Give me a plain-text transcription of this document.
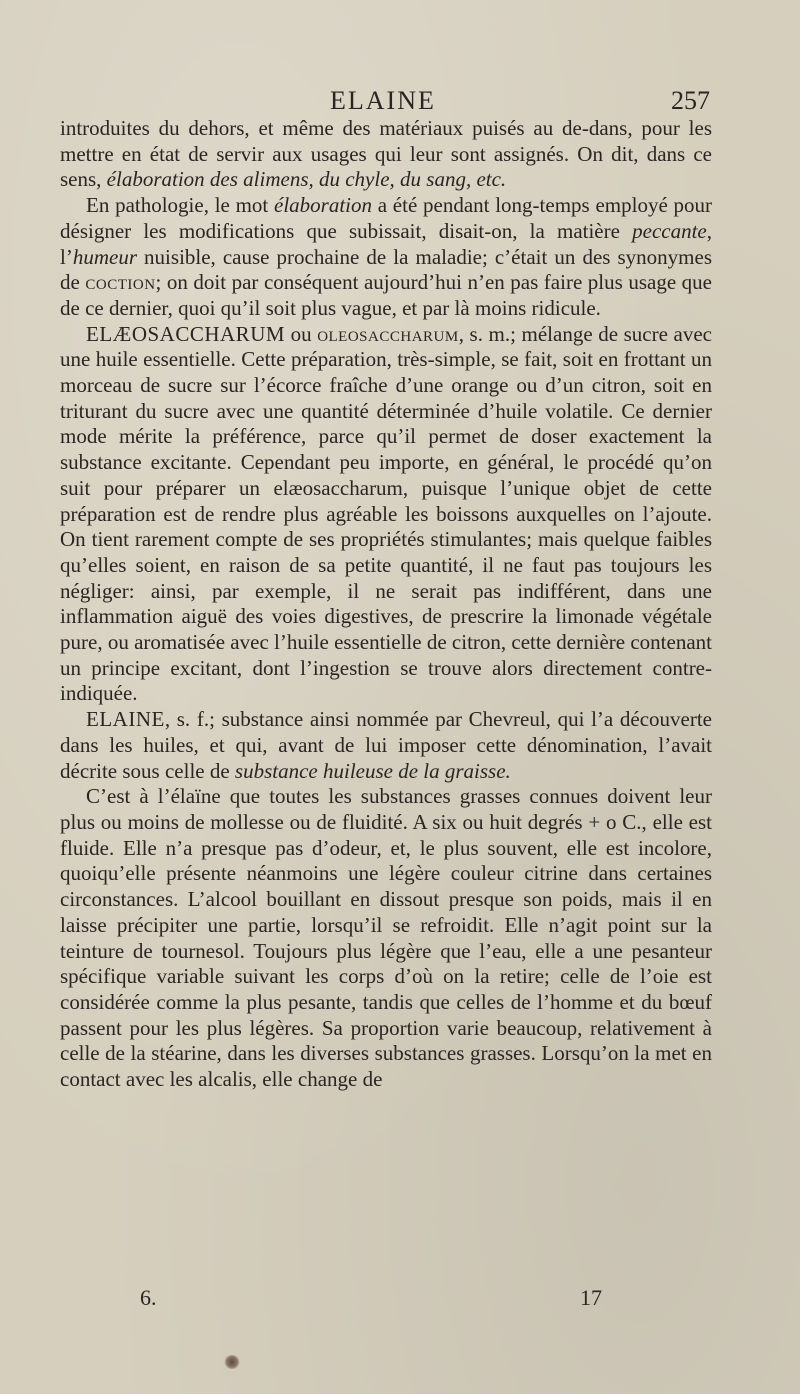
ELAINE	257

introduites du dehors, et même des matériaux puisés au de-dans, pour les mettre en état de servir aux usages qui leur sont assignés. On dit, dans ce sens, élaboration des alimens, du chyle, du sang, etc.

En pathologie, le mot élaboration a été pendant long-temps employé pour désigner les modifications que subissait, disait-on, la matière peccante, l’humeur nuisible, cause prochaine de la maladie; c’était un des synonymes de coction; on doit par conséquent aujourd’hui n’en pas faire plus usage que de ce dernier, quoi qu’il soit plus vague, et par là moins ridicule.

ELÆOSACCHARUM ou oleosaccharum, s. m.; mélange de sucre avec une huile essentielle. Cette préparation, très-simple, se fait, soit en frottant un morceau de sucre sur l’écorce fraîche d’une orange ou d’un citron, soit en triturant du sucre avec une quantité déterminée d’huile volatile. Ce dernier mode mérite la préférence, parce qu’il permet de doser exactement la substance excitante. Cependant peu importe, en général, le procédé qu’on suit pour préparer un elæosaccharum, puisque l’unique objet de cette préparation est de rendre plus agréable les boissons auxquelles on l’ajoute. On tient rarement compte de ses propriétés stimulantes; mais quelque faibles qu’elles soient, en raison de sa petite quantité, il ne faut pas toujours les négliger: ainsi, par exemple, il ne serait pas indifférent, dans une inflammation aiguë des voies digestives, de prescrire la limonade végétale pure, ou aromatisée avec l’huile essentielle de citron, cette dernière contenant un principe excitant, dont l’ingestion se trouve alors directement contre-indiquée.

ELAINE, s. f.; substance ainsi nommée par Chevreul, qui l’a découverte dans les huiles, et qui, avant de lui imposer cette dénomination, l’avait décrite sous celle de substance huileuse de la graisse.

C’est à l’élaïne que toutes les substances grasses connues doivent leur plus ou moins de mollesse ou de fluidité. A six ou huit degrés + o C., elle est fluide. Elle n’a presque pas d’odeur, et, le plus souvent, elle est incolore, quoiqu’elle présente néanmoins une légère couleur citrine dans certaines circonstances. L’alcool bouillant en dissout presque son poids, mais il en laisse précipiter une partie, lorsqu’il se refroidit. Elle n’agit point sur la teinture de tournesol. Toujours plus légère que l’eau, elle a une pesanteur spécifique variable suivant les corps d’où on la retire; celle de l’oie est considérée comme la plus pesante, tandis que celles de l’homme et du bœuf passent pour les plus légères. Sa proportion varie beaucoup, relativement à celle de la stéarine, dans les diverses substances grasses. Lorsqu’on la met en contact avec les alcalis, elle change de

6.	17
